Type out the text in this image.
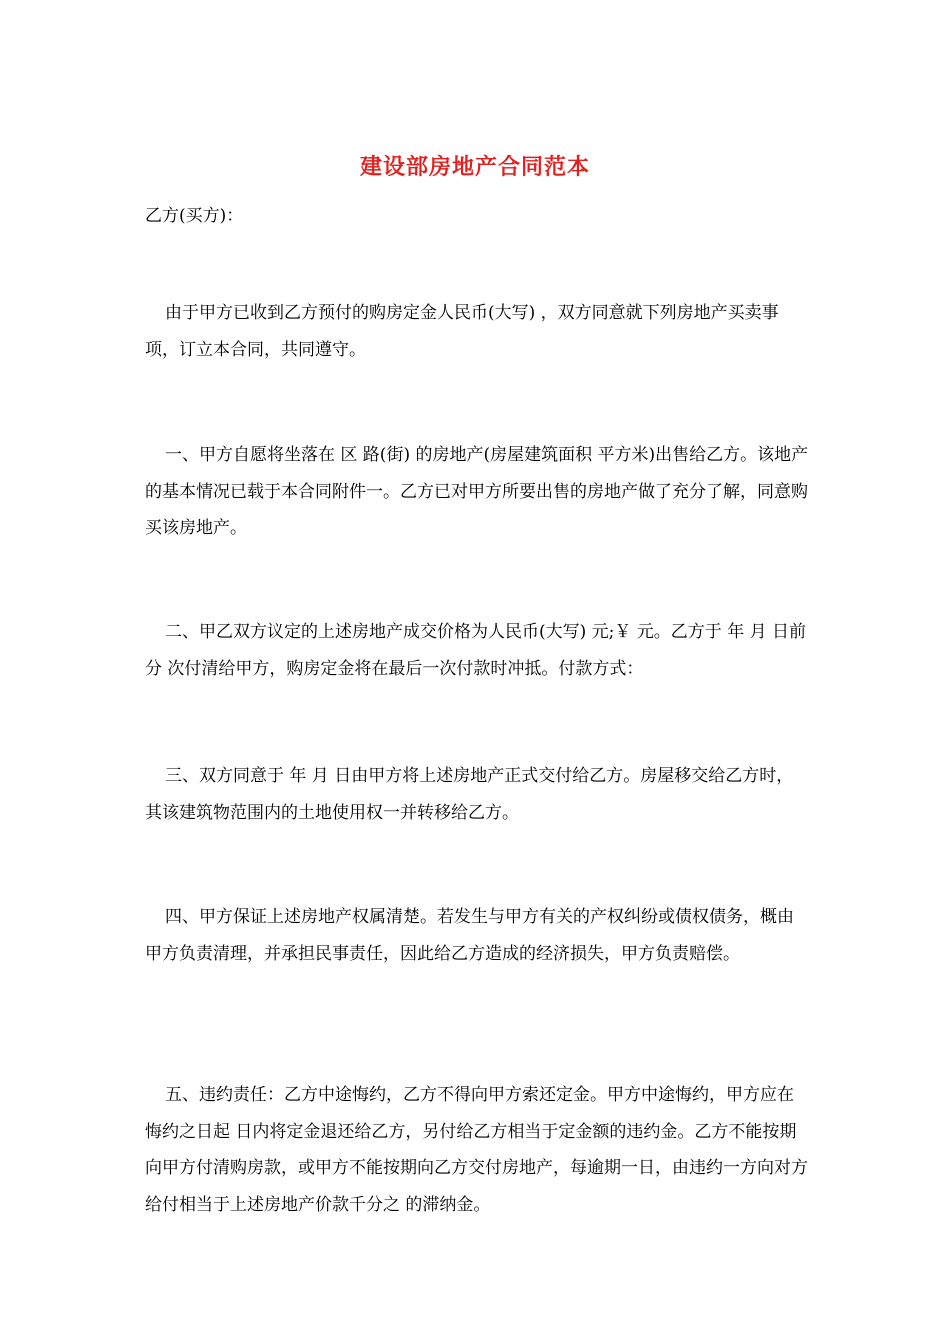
建设部房地产合同范本
乙方(买方)：

由于甲方已收到乙方预付的购房定金人民币(大写) ，双方同意就下列房地产买卖事项，订立本合同，共同遵守。

一、甲方自愿将坐落在 区 路(街) 的房地产(房屋建筑面积 平方米)出售给乙方。该地产的基本情况已载于本合同附件一。乙方已对甲方所要出售的房地产做了充分了解，同意购买该房地产。

二、甲乙双方议定的上述房地产成交价格为人民币(大写) 元;￥ 元。乙方于 年 月 日前分 次付清给甲方，购房定金将在最后一次付款时冲抵。付款方式：

三、双方同意于 年 月 日由甲方将上述房地产正式交付给乙方。房屋移交给乙方时，其该建筑物范围内的土地使用权一并转移给乙方。

四、甲方保证上述房地产权属清楚。若发生与甲方有关的产权纠纷或债权债务，概由甲方负责清理，并承担民事责任，因此给乙方造成的经济损失，甲方负责赔偿。

五、违约责任：乙方中途悔约，乙方不得向甲方索还定金。甲方中途悔约，甲方应在悔约之日起 日内将定金退还给乙方，另付给乙方相当于定金额的违约金。乙方不能按期向甲方付清购房款，或甲方不能按期向乙方交付房地产，每逾期一日，由违约一方向对方给付相当于上述房地产价款千分之 的滞纳金。
